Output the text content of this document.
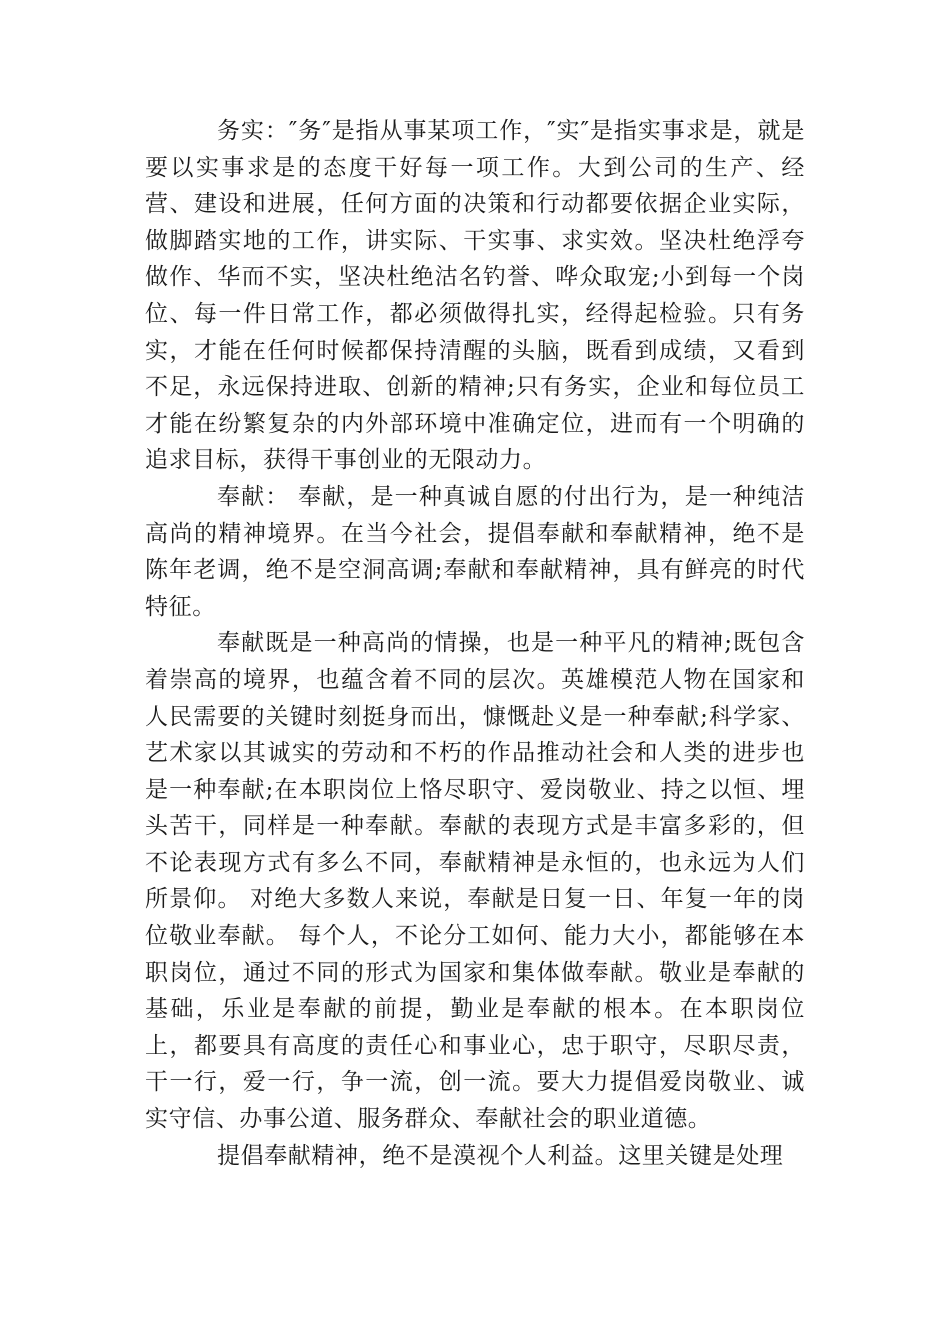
务实：″务″是指从事某项工作，″实″是指实事求是，就是要以实事求是的态度干好每一项工作。大到公司的生产、经营、建设和进展，任何方面的决策和行动都要依据企业实际，做脚踏实地的工作，讲实际、干实事、求实效。坚决杜绝浮夸做作、华而不实，坚决杜绝沽名钓誉、哗众取宠;小到每一个岗位、每一件日常工作，都必须做得扎实，经得起检验。只有务实，才能在任何时候都保持清醒的头脑，既看到成绩，又看到不足，永远保持进取、创新的精神;只有务实，企业和每位员工才能在纷繁复杂的内外部环境中准确定位，进而有一个明确的追求目标，获得干事创业的无限动力。

奉献： 奉献，是一种真诚自愿的付出行为，是一种纯洁高尚的精神境界。在当今社会，提倡奉献和奉献精神，绝不是陈年老调，绝不是空洞高调;奉献和奉献精神，具有鲜亮的时代特征。

奉献既是一种高尚的情操，也是一种平凡的精神;既包含着崇高的境界，也蕴含着不同的层次。英雄模范人物在国家和人民需要的关键时刻挺身而出，慷慨赴义是一种奉献;科学家、艺术家以其诚实的劳动和不朽的作品推动社会和人类的进步也是一种奉献;在本职岗位上恪尽职守、爱岗敬业、持之以恒、埋头苦干，同样是一种奉献。奉献的表现方式是丰富多彩的，但不论表现方式有多么不同，奉献精神是永恒的，也永远为人们所景仰。 对绝大多数人来说，奉献是日复一日、年复一年的岗位敬业奉献。 每个人，不论分工如何、能力大小，都能够在本职岗位，通过不同的形式为国家和集体做奉献。敬业是奉献的基础，乐业是奉献的前提，勤业是奉献的根本。在本职岗位上，都要具有高度的责任心和事业心，忠于职守，尽职尽责，干一行，爱一行，争一流，创一流。要大力提倡爱岗敬业、诚实守信、办事公道、服务群众、奉献社会的职业道德。

提倡奉献精神，绝不是漠视个人利益。这里关键是处理
